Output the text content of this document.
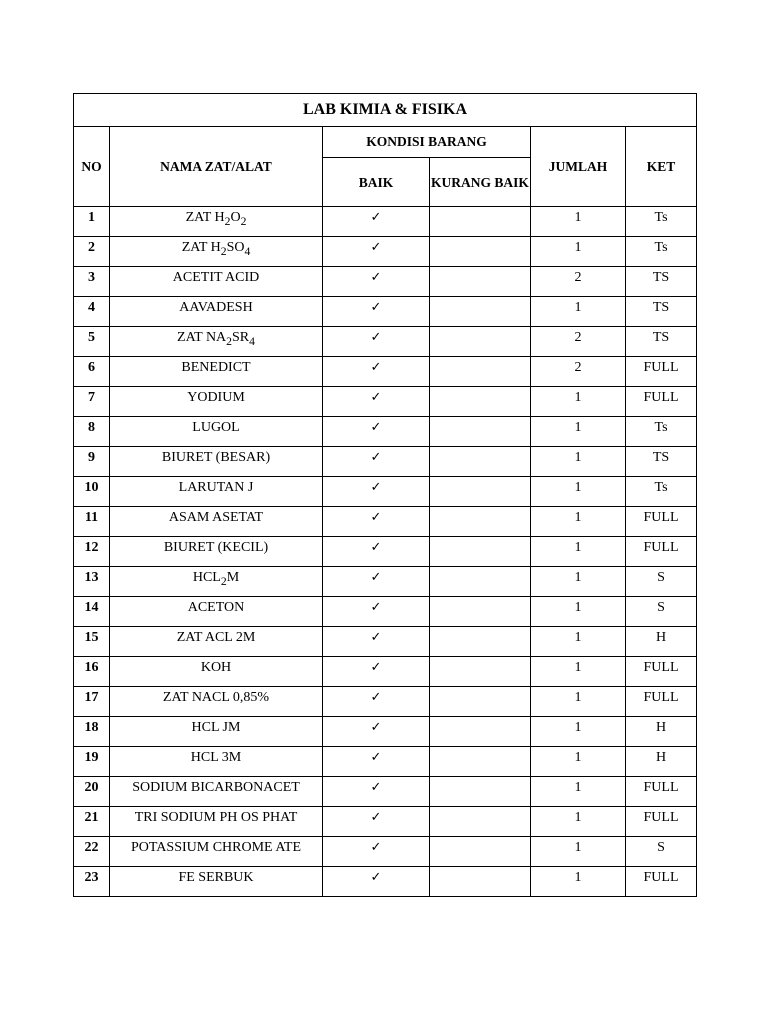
LAB KIMIA & FISIKA					
NO	NAMA ZAT/ALAT	KONDISI BARANG		JUMLAH	KET
		BAIK	KURANG BAIK		
1	ZAT $H_2O_2$	✓		1	Ts
2	ZAT $H_2SO_4$	✓		1	Ts
3	ACETIT ACID	✓		2	TS
4	AAVADESH	✓		1	TS
5	ZAT $NA_2SR_4$	✓		2	TS
6	BENEDICT	✓		2	FULL
7	YODIUM	✓		1	FULL
8	LUGOL	✓		1	Ts
9	BIURET (BESAR)	✓		1	TS
10	LARUTAN J	✓		1	Ts
11	ASAM ASETAT	✓		1	FULL
12	BIURET (KECIL)	✓		1	FULL
13	$HCL_2M$	✓		1	S
14	ACETON	✓		1	S
15	ZAT ACL 2M	✓		1	H
16	KOH	✓		1	FULL
17	ZAT NACL 0,85%	✓		1	FULL
18	HCL JM	✓		1	H
19	HCL 3M	✓		1	H
20	SODIUM BICARBONACET	✓		1	FULL
21	TRI SODIUM PH OS PHAT	✓		1	FULL
22	POTASSIUM CHROME ATE	✓		1	S
23	FE SERBUK	✓		1	FULL
